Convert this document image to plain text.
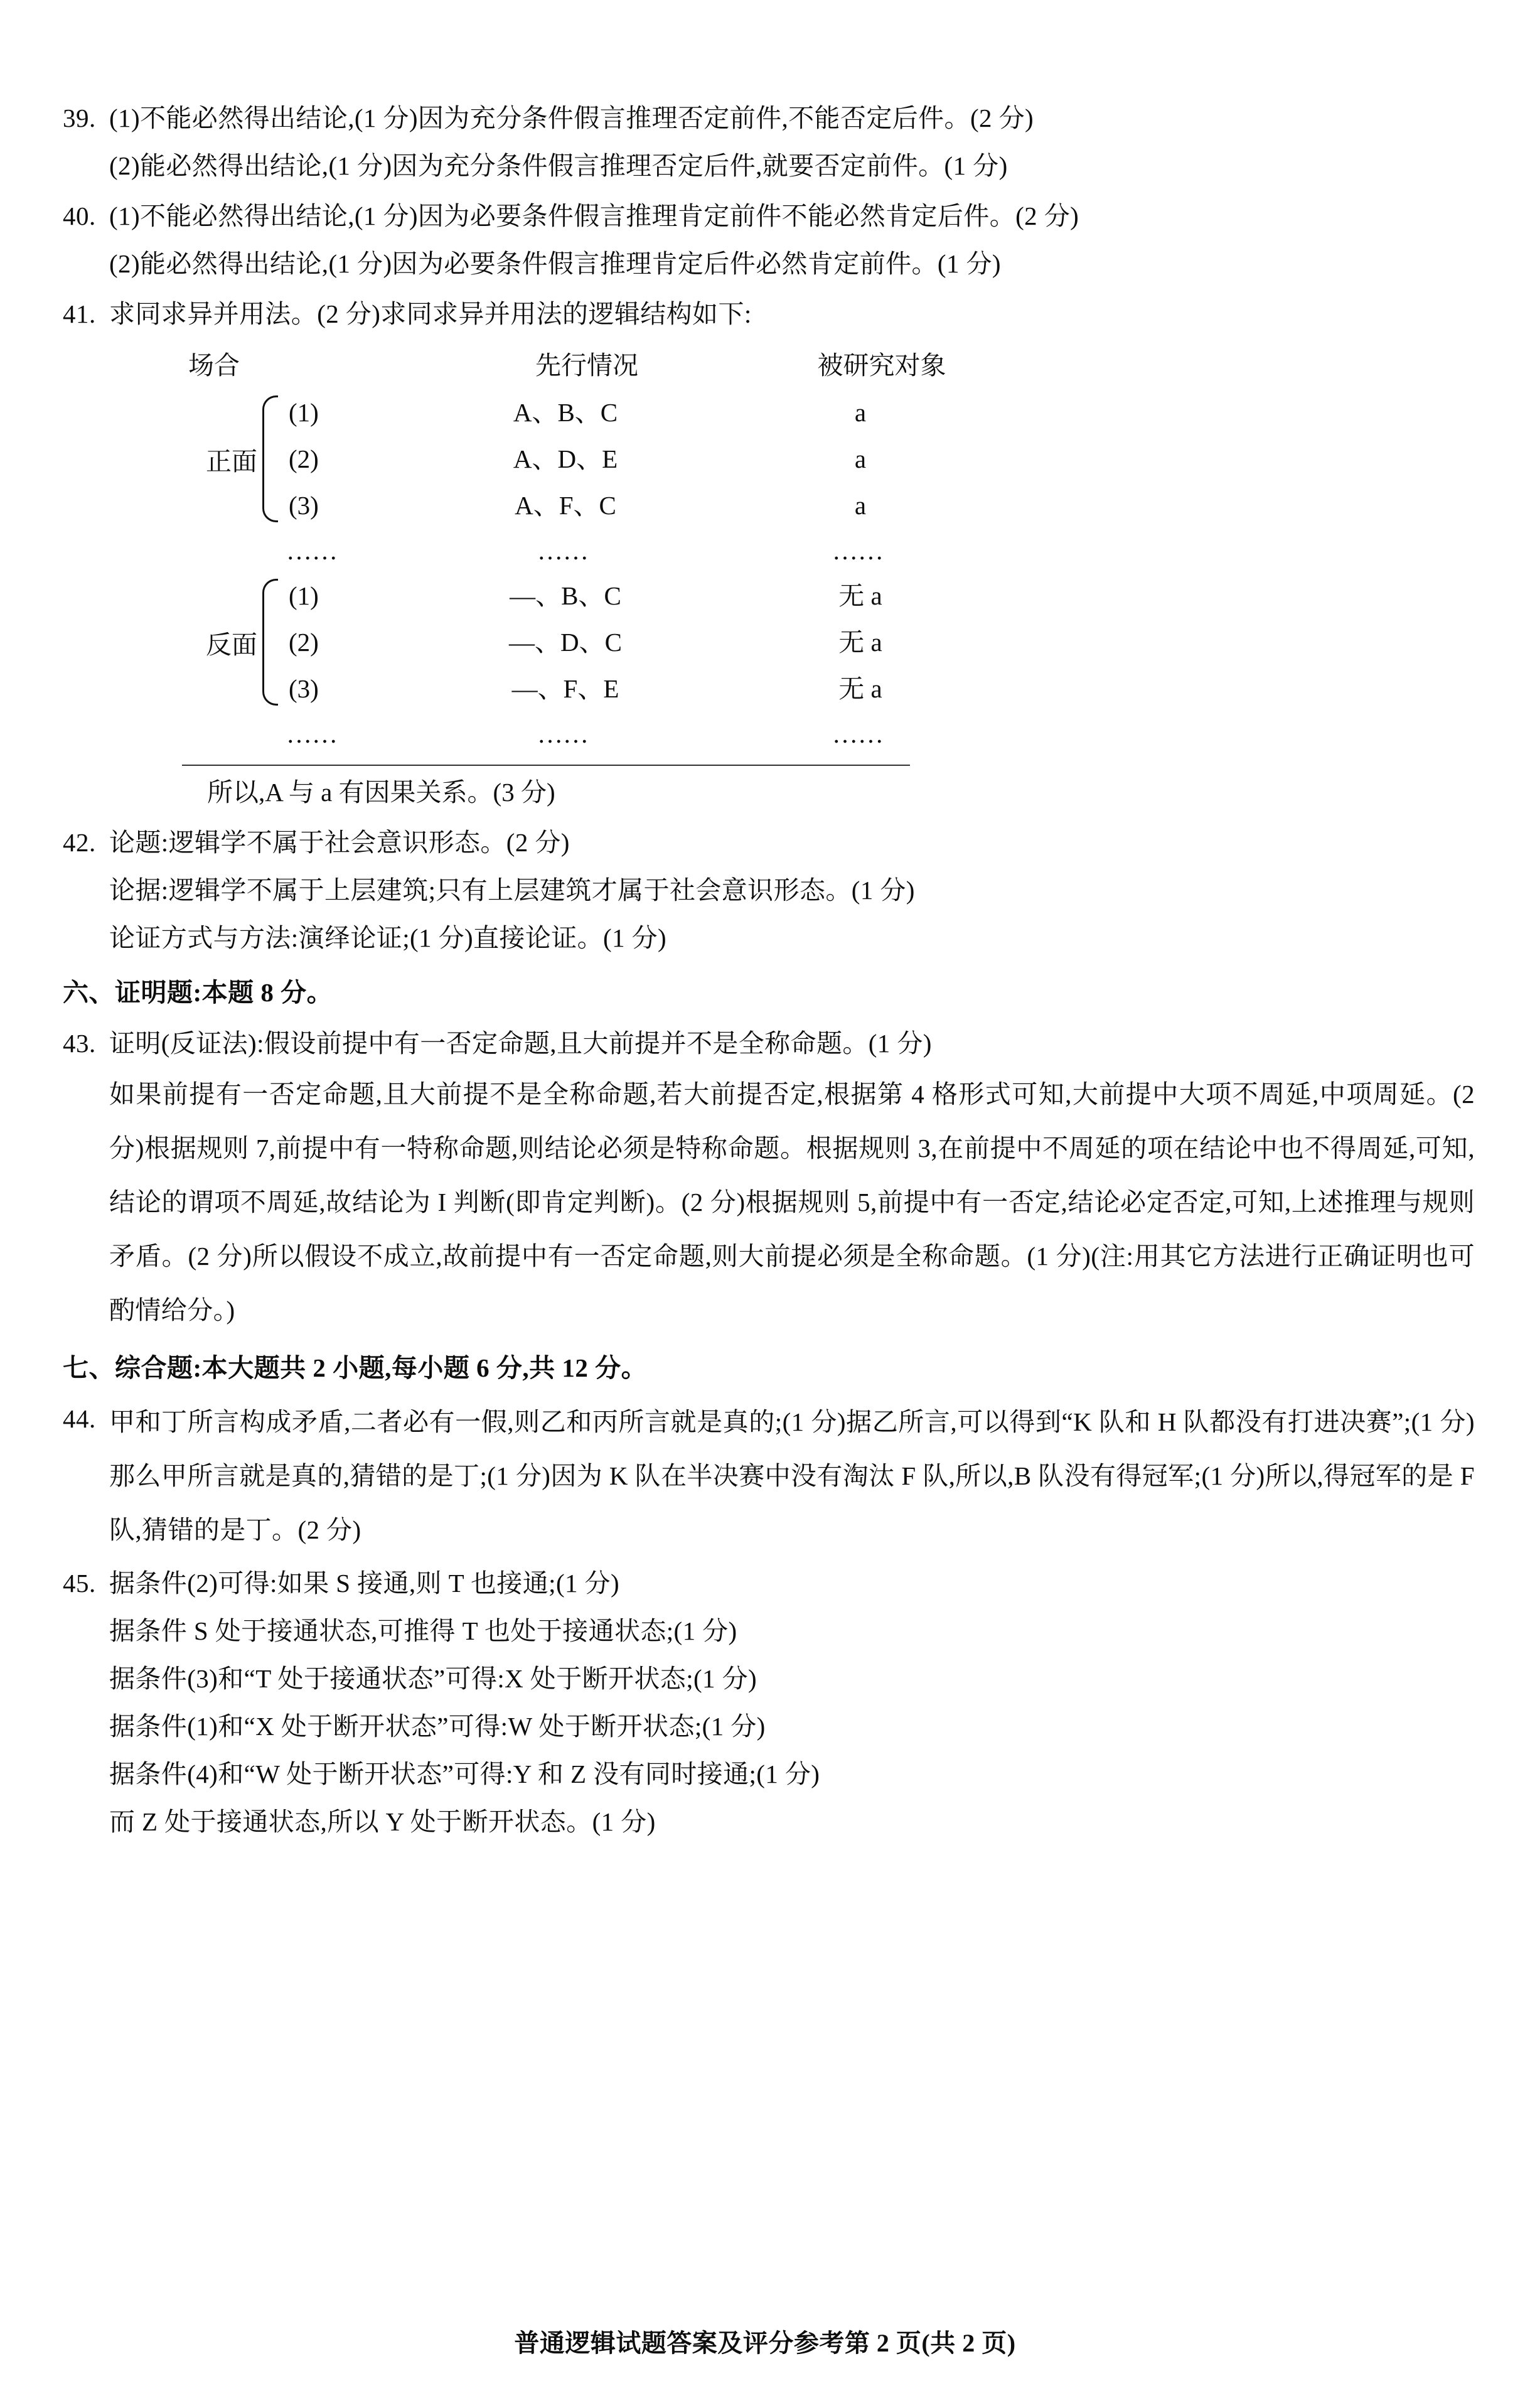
39. (1)不能必然得出结论,(1 分)因为充分条件假言推理否定前件,不能否定后件。(2 分)
(2)能必然得出结论,(1 分)因为充分条件假言推理否定后件,就要否定前件。(1 分)
40. (1)不能必然得出结论,(1 分)因为必要条件假言推理肯定前件不能必然肯定后件。(2 分)
(2)能必然得出结论,(1 分)因为必要条件假言推理肯定后件必然肯定前件。(1 分)
41. 求同求异并用法。(2 分)求同求异并用法的逻辑结构如下:
场合	先行情况	被研究对象
正面
(1)	A、B、C	a
(2)	A、D、E	a
(3)	A、F、C	a
……	……	……
反面
(1)	—、B、C	无 a
(2)	—、D、C	无 a
(3)	—、F、E	无 a
……	……	……
所以,A 与 a 有因果关系。(3 分)
42. 论题:逻辑学不属于社会意识形态。(2 分)
论据:逻辑学不属于上层建筑;只有上层建筑才属于社会意识形态。(1 分)
论证方式与方法:演绎论证;(1 分)直接论证。(1 分)
六、证明题:本题 8 分。
43. 证明(反证法):假设前提中有一否定命题,且大前提并不是全称命题。(1 分)
如果前提有一否定命题,且大前提不是全称命题,若大前提否定,根据第 4 格形式可知,大前提中大项不周延,中项周延。(2 分)根据规则 7,前提中有一特称命题,则结论必须是特称命题。根据规则 3,在前提中不周延的项在结论中也不得周延,可知,结论的谓项不周延,故结论为 I 判断(即肯定判断)。(2 分)根据规则 5,前提中有一否定,结论必定否定,可知,上述推理与规则矛盾。(2 分)所以假设不成立,故前提中有一否定命题,则大前提必须是全称命题。(1 分)(注:用其它方法进行正确证明也可酌情给分。)
七、综合题:本大题共 2 小题,每小题 6 分,共 12 分。
44. 甲和丁所言构成矛盾,二者必有一假,则乙和丙所言就是真的;(1 分)据乙所言,可以得到“K 队和 H 队都没有打进决赛”;(1 分)那么甲所言就是真的,猜错的是丁;(1 分)因为 K 队在半决赛中没有淘汰 F 队,所以,B 队没有得冠军;(1 分)所以,得冠军的是 F 队,猜错的是丁。(2 分)
45. 据条件(2)可得:如果 S 接通,则 T 也接通;(1 分)
据条件 S 处于接通状态,可推得 T 也处于接通状态;(1 分)
据条件(3)和“T 处于接通状态”可得:X 处于断开状态;(1 分)
据条件(1)和“X 处于断开状态”可得:W 处于断开状态;(1 分)
据条件(4)和“W 处于断开状态”可得:Y 和 Z 没有同时接通;(1 分)
而 Z 处于接通状态,所以 Y 处于断开状态。(1 分)
普通逻辑试题答案及评分参考第 2 页(共 2 页)
